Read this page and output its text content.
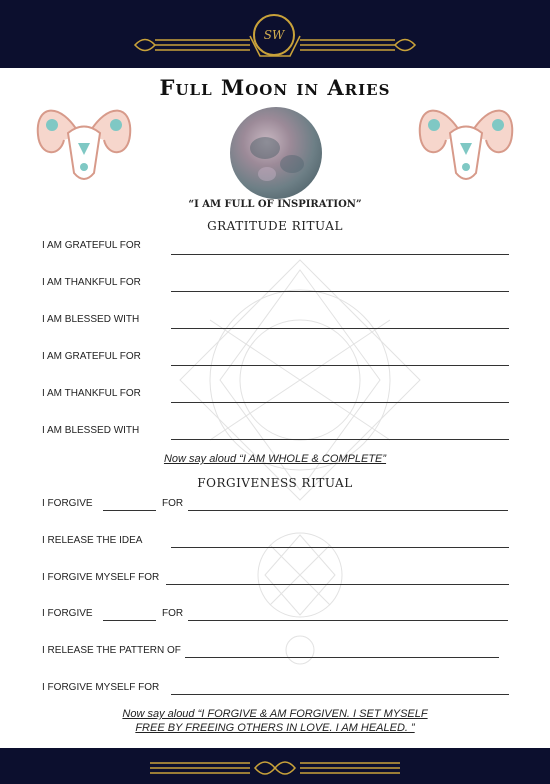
SW
Full Moon in Aries
“I AM FULL OF INSPIRATION”
GRATITUDE RITUAL
I AM GRATEFUL FOR
I AM THANKFUL FOR
I AM BLESSED WITH
I AM GRATEFUL FOR
I AM THANKFUL FOR
I AM BLESSED WITH
Now say aloud “I AM WHOLE & COMPLETE”
FORGIVENESS RITUAL
I FORGIVE	FOR
I RELEASE THE IDEA
I FORGIVE MYSELF FOR
I FORGIVE	FOR
I RELEASE THE PATTERN OF
I FORGIVE MYSELF FOR
Now say aloud “I FORGIVE & AM FORGIVEN. I SET MYSELF
FREE BY FREEING OTHERS IN LOVE. I AM HEALED. ”
